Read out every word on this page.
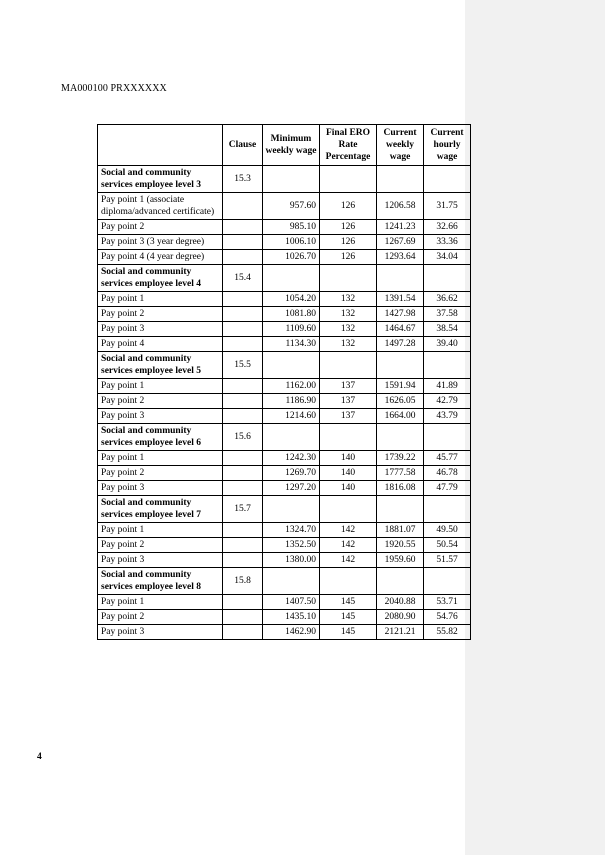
MA000100 PRXXXXXX
	Clause	Minimum weekly wage	Final ERO Rate Percentage	Current weekly wage	Current hourly wage
Social and community services employee level 3	15.3				
Pay point 1 (associate diploma/advanced certificate)		957.60	126	1206.58	31.75
Pay point 2		985.10	126	1241.23	32.66
Pay point 3 (3 year degree)		1006.10	126	1267.69	33.36
Pay point 4 (4 year degree)		1026.70	126	1293.64	34.04
Social and community services employee level 4	15.4				
Pay point 1		1054.20	132	1391.54	36.62
Pay point 2		1081.80	132	1427.98	37.58
Pay point 3		1109.60	132	1464.67	38.54
Pay point 4		1134.30	132	1497.28	39.40
Social and community services employee level 5	15.5				
Pay point 1		1162.00	137	1591.94	41.89
Pay point 2		1186.90	137	1626.05	42.79
Pay point 3		1214.60	137	1664.00	43.79
Social and community services employee level 6	15.6				
Pay point 1		1242.30	140	1739.22	45.77
Pay point 2		1269.70	140	1777.58	46.78
Pay point 3		1297.20	140	1816.08	47.79
Social and community services employee level 7	15.7				
Pay point 1		1324.70	142	1881.07	49.50
Pay point 2		1352.50	142	1920.55	50.54
Pay point 3		1380.00	142	1959.60	51.57
Social and community services employee level 8	15.8				
Pay point 1		1407.50	145	2040.88	53.71
Pay point 2		1435.10	145	2080.90	54.76
Pay point 3		1462.90	145	2121.21	55.82
4
